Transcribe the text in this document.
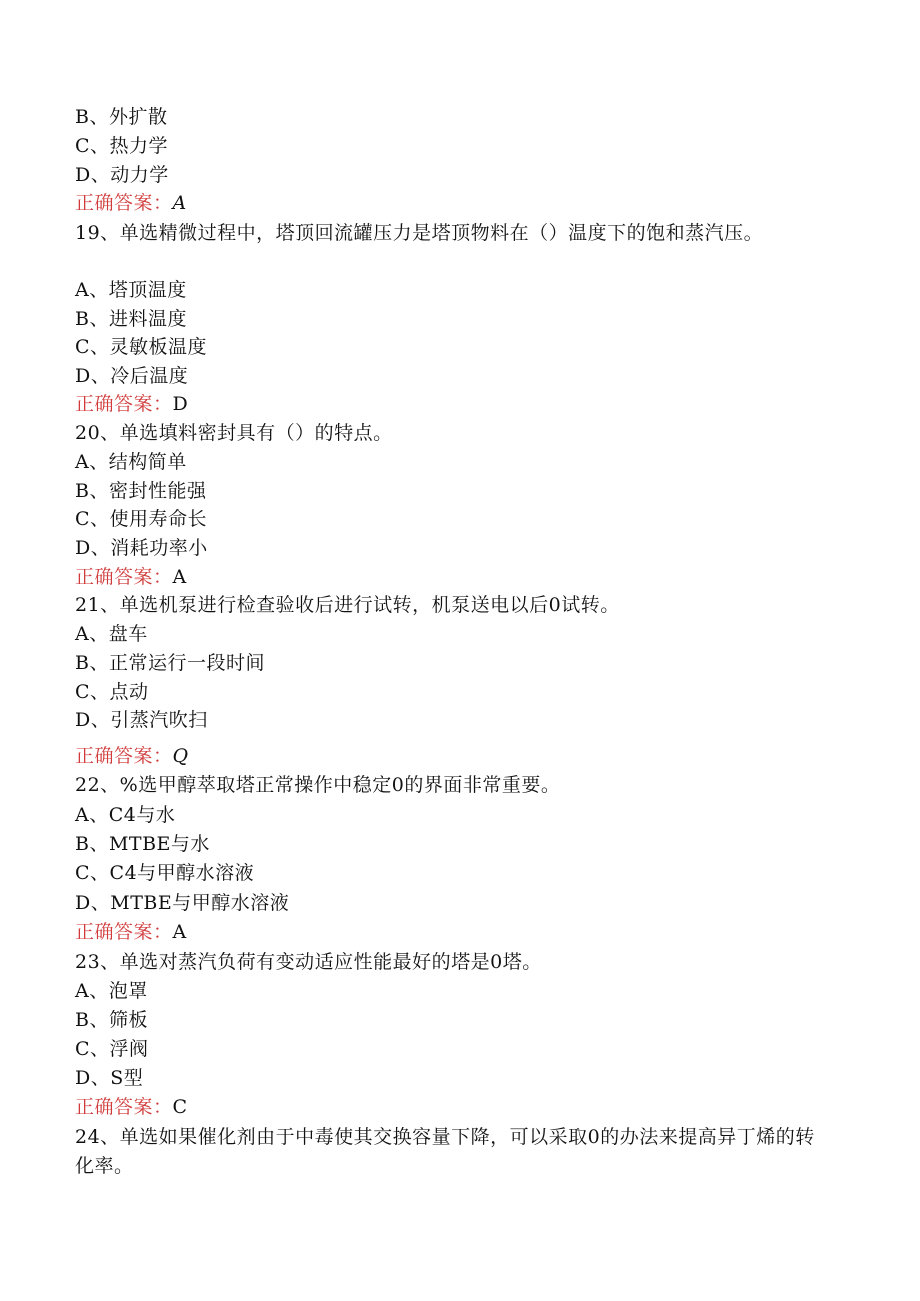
B、外扩散
C、热力学
D、动力学
正确答案：A
19、单选精微过程中，塔顶回流罐压力是塔顶物料在（）温度下的饱和蒸汽压。
A、塔顶温度
B、进料温度
C、灵敏板温度
D、冷后温度
正确答案：D
20、单选填料密封具有（）的特点。
A、结构简单
B、密封性能强
C、使用寿命长
D、消耗功率小
正确答案：A
21、单选机泵进行检查验收后进行试转，机泵送电以后0试转。
A、盘车
B、正常运行一段时间
C、点动
D、引蒸汽吹扫
正确答案：Q
22、%选甲醇萃取塔正常操作中稳定0的界面非常重要。
A、C4与水
B、MTBE与水
C、C4与甲醇水溶液
D、MTBE与甲醇水溶液
正确答案：A
23、单选对蒸汽负荷有变动适应性能最好的塔是0塔。
A、泡罩
B、筛板
C、浮阀
D、S型
正确答案：C
24、单选如果催化剂由于中毒使其交换容量下降，可以采取0的办法来提高异丁烯的转化率。
